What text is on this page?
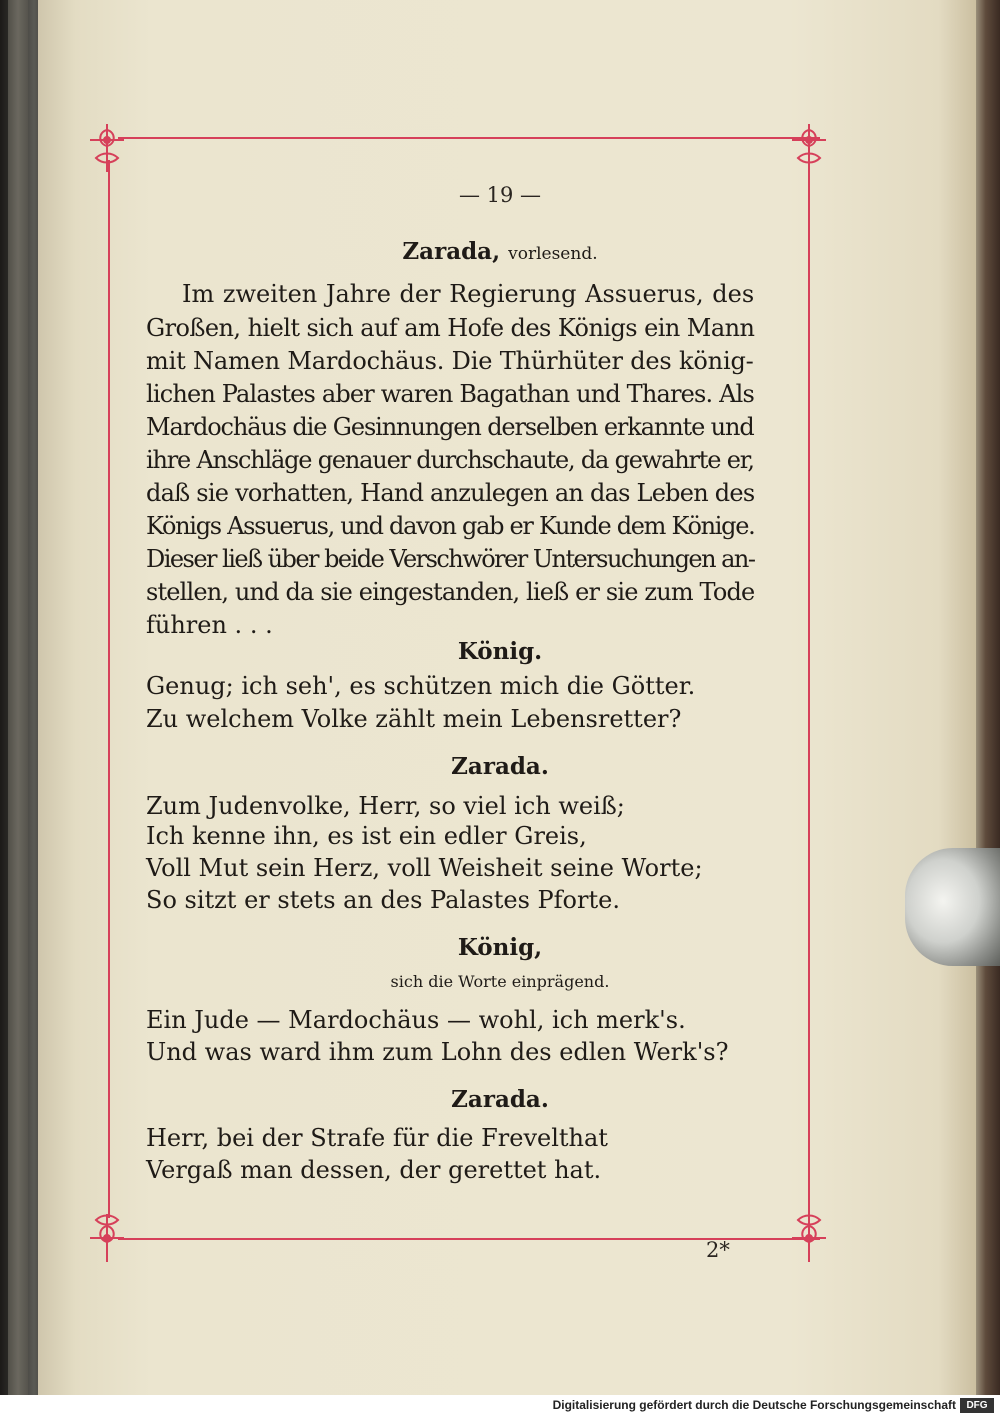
— 19 —
Zarada, vorlesend.
Im zweiten Jahre der Regierung Assuerus, des
Großen, hielt sich auf am Hofe des Königs ein Mann
mit Namen Mardochäus. Die Thürhüter des könig-
lichen Palastes aber waren Bagathan und Thares. Als
Mardochäus die Gesinnungen derselben erkannte und
ihre Anschläge genauer durchschaute, da gewahrte er,
daß sie vorhatten, Hand anzulegen an das Leben des
Königs Assuerus, und davon gab er Kunde dem Könige.
Dieser ließ über beide Verschwörer Untersuchungen an-
stellen, und da sie eingestanden, ließ er sie zum Tode
führen . . .
König.
Genug; ich seh', es schützen mich die Götter.
Zu welchem Volke zählt mein Lebensretter?
Zarada.
Zum Judenvolke, Herr, so viel ich weiß;
Ich kenne ihn, es ist ein edler Greis,
Voll Mut sein Herz, voll Weisheit seine Worte;
So sitzt er stets an des Palastes Pforte.
König,
sich die Worte einprägend.
Ein Jude — Mardochäus — wohl, ich merk's.
Und was ward ihm zum Lohn des edlen Werk's?
Zarada.
Herr, bei der Strafe für die Frevelthat
Vergaß man dessen, der gerettet hat.
2*
Digitalisierung gefördert durch die Deutsche Forschungsgemeinschaft	DFG
